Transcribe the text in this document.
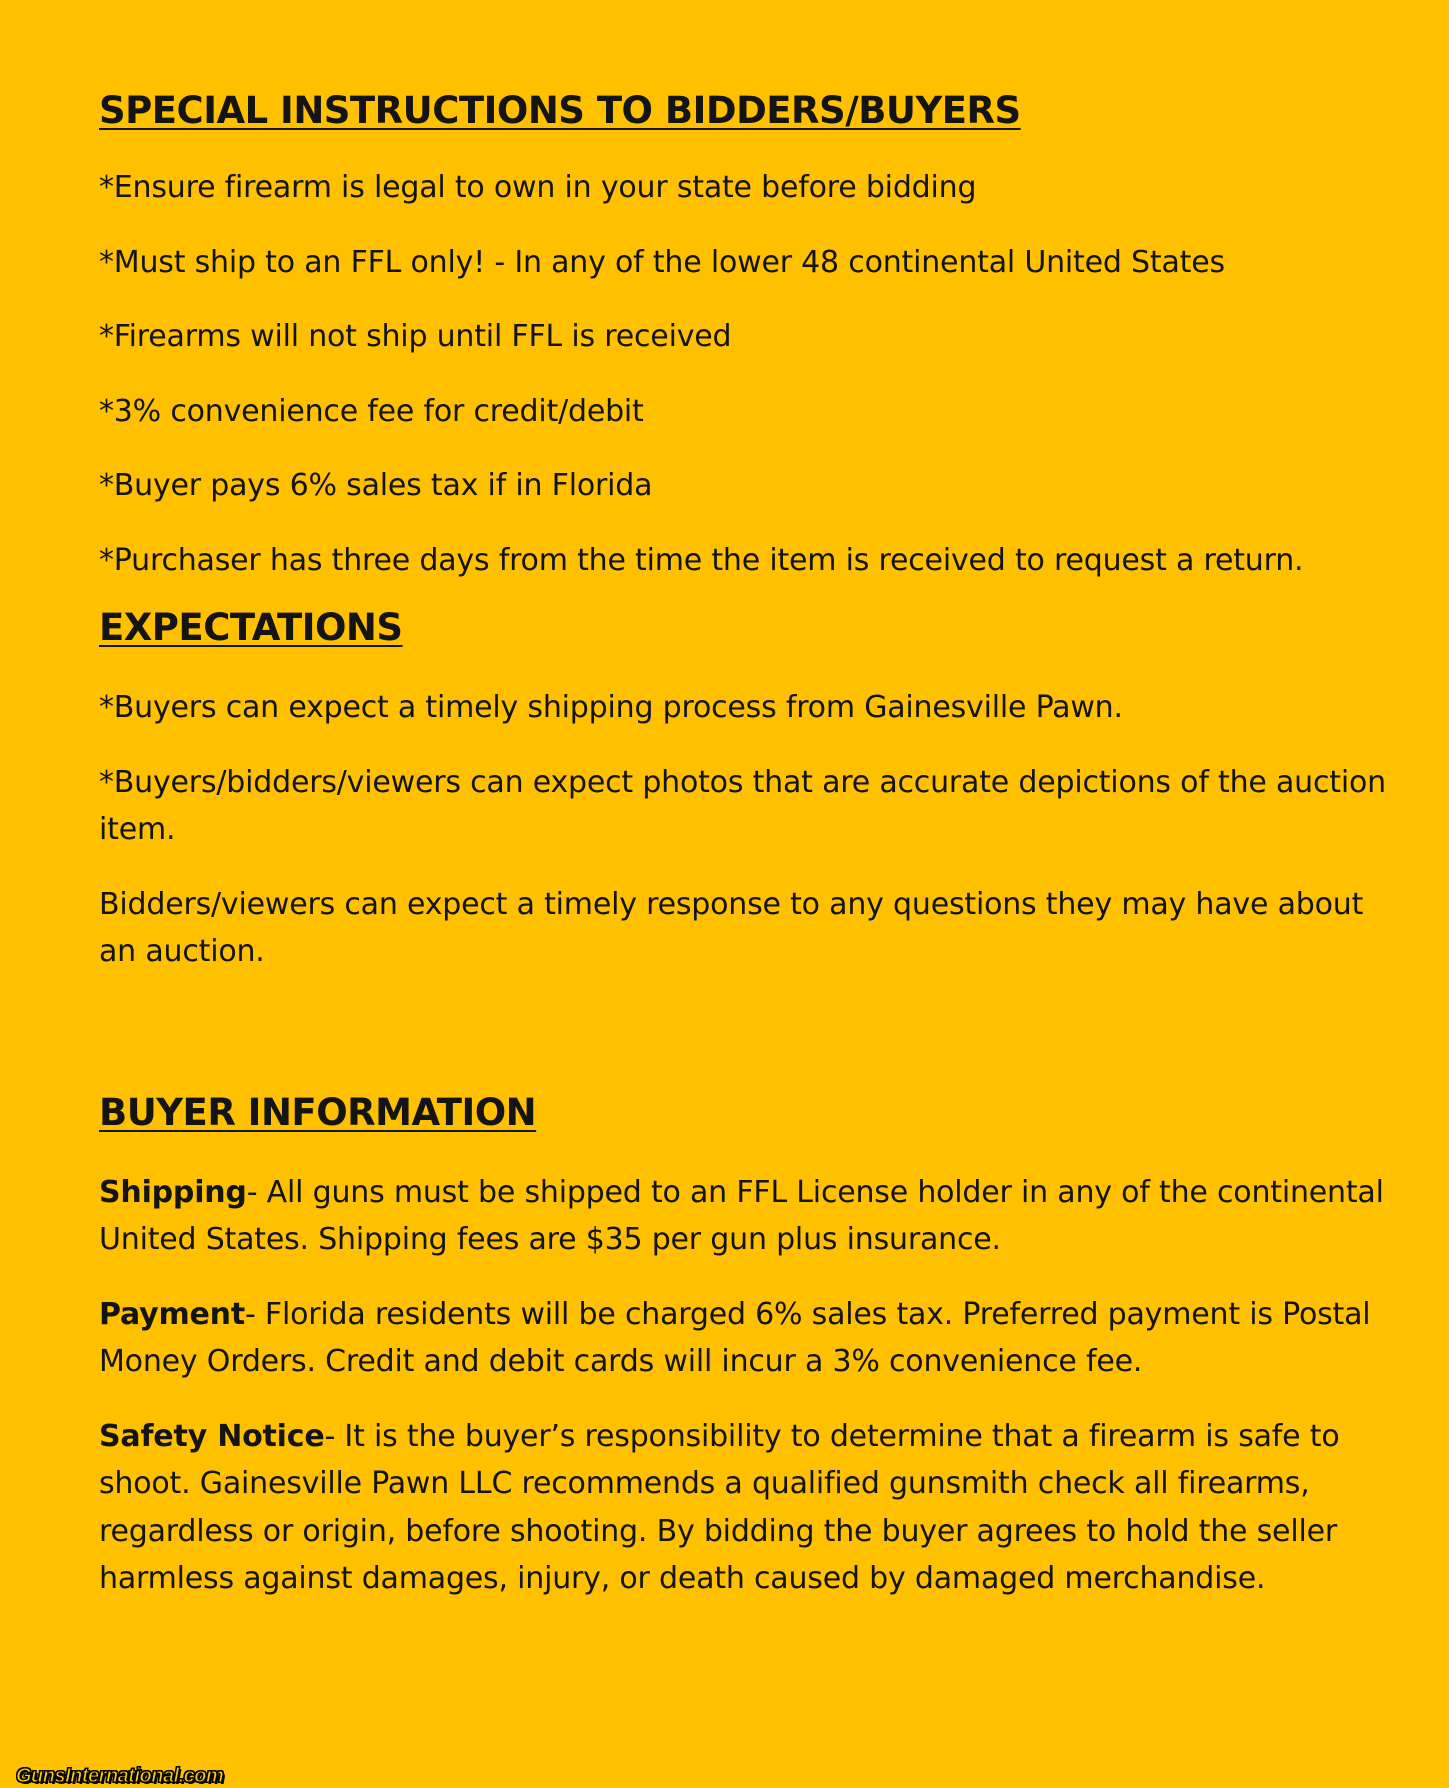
SPECIAL INSTRUCTIONS TO BIDDERS/BUYERS

*Ensure firearm is legal to own in your state before bidding

*Must ship to an FFL only! - In any of the lower 48 continental United States

*Firearms will not ship until FFL is received

*3% convenience fee for credit/debit

*Buyer pays 6% sales tax if in Florida

*Purchaser has three days from the time the item is received to request a return.

EXPECTATIONS

*Buyers can expect a timely shipping process from Gainesville Pawn.

*Buyers/bidders/viewers can expect photos that are accurate depictions of the auction item.

Bidders/viewers can expect a timely response to any questions they may have about an auction.

BUYER INFORMATION

Shipping- All guns must be shipped to an FFL License holder in any of the continental United States. Shipping fees are $35 per gun plus insurance.

Payment- Florida residents will be charged 6% sales tax. Preferred payment is Postal Money Orders. Credit and debit cards will incur a 3% convenience fee.

Safety Notice- It is the buyer’s responsibility to determine that a firearm is safe to shoot. Gainesville Pawn LLC recommends a qualified gunsmith check all firearms, regardless or origin, before shooting. By bidding the buyer agrees to hold the seller harmless against damages, injury, or death caused by damaged merchandise.

GunsInternational.com
